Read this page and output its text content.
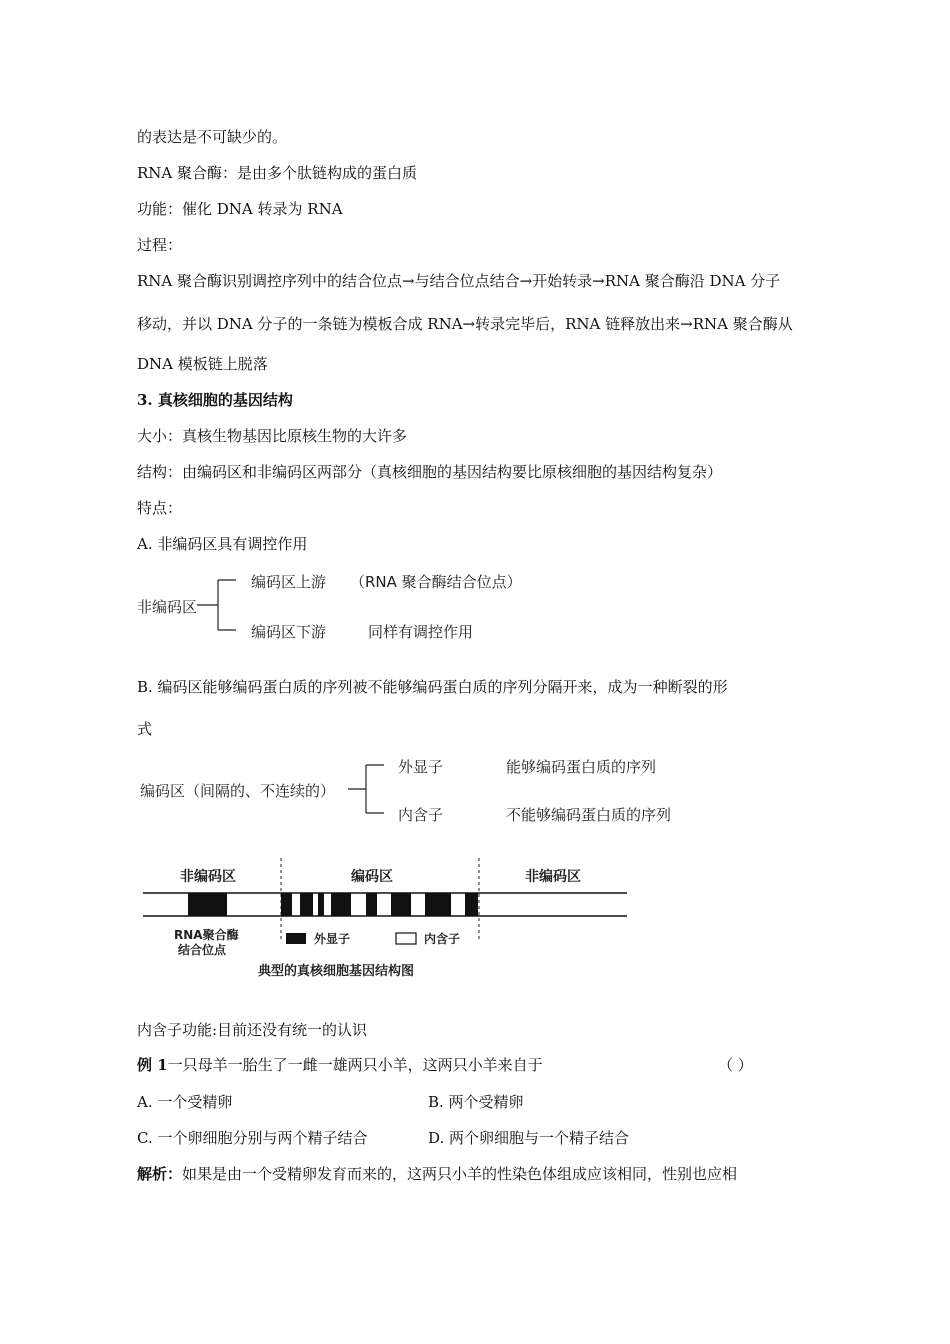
的表达是不可缺少的。
RNA 聚合酶：是由多个肽链构成的蛋白质
功能：催化 DNA 转录为 RNA
过程：
RNA 聚合酶识别调控序列中的结合位点→与结合位点结合→开始转录→RNA 聚合酶沿 DNA 分子
移动，并以 DNA 分子的一条链为模板合成 RNA→转录完毕后，RNA 链释放出来→RNA 聚合酶从
DNA 模板链上脱落
3. 真核细胞的基因结构
大小：真核生物基因比原核生物的大许多
结构：由编码区和非编码区两部分（真核细胞的基因结构要比原核细胞的基因结构复杂）
特点：
A. 非编码区具有调控作用
非编码区
编码区上游 （RNA 聚合酶结合位点）
编码区下游	同样有调控作用
B. 编码区能够编码蛋白质的序列被不能够编码蛋白质的序列分隔开来，成为一种断裂的形
式
编码区（间隔的、不连续的）
外显子	能够编码蛋白质的序列
内含子	不能够编码蛋白质的序列
非编码区	编码区	非编码区
RNA聚合酶
结合位点
外显子	内含子
典型的真核细胞基因结构图
内含子功能:目前还没有统一的认识
例 1一只母羊一胎生了一雌一雄两只小羊，这两只小羊来自于	（ ）
A. 一个受精卵	B. 两个受精卵
C. 一个卵细胞分别与两个精子结合	D. 两个卵细胞与一个精子结合
解析：如果是由一个受精卵发育而来的，这两只小羊的性染色体组成应该相同，性别也应相
